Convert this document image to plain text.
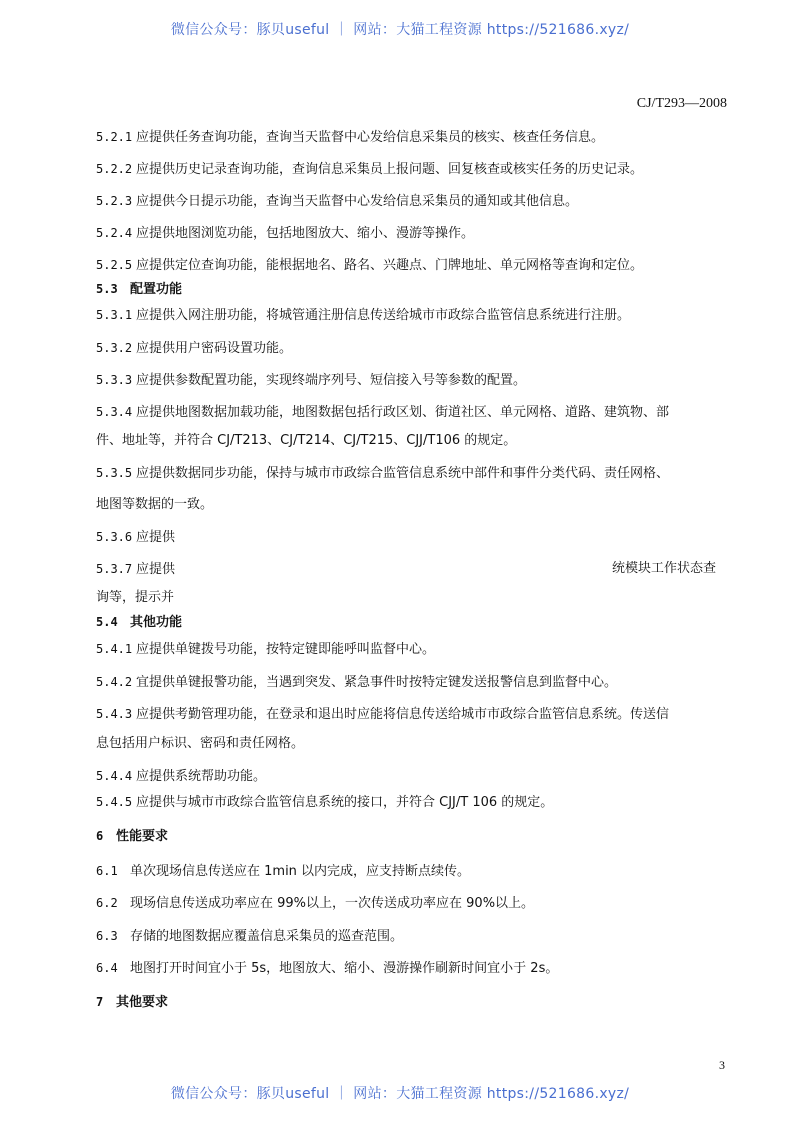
微信公众号：豚贝useful ｜ 网站：大猫工程资源 https://521686.xyz/
CJ/T293—2008
5.2.1 应提供任务查询功能，查询当天监督中心发给信息采集员的核实、核查任务信息。
5.2.2 应提供历史记录查询功能，查询信息采集员上报问题、回复核查或核实任务的历史记录。
5.2.3 应提供今日提示功能，查询当天监督中心发给信息采集员的通知或其他信息。
5.2.4 应提供地图浏览功能，包括地图放大、缩小、漫游等操作。
5.2.5 应提供定位查询功能，能根据地名、路名、兴趣点、门牌地址、单元网格等查询和定位。
5.3 配置功能
5.3.1 应提供入网注册功能，将城管通注册信息传送给城市市政综合监管信息系统进行注册。
5.3.2 应提供用户密码设置功能。
5.3.3 应提供参数配置功能，实现终端序列号、短信接入号等参数的配置。
5.3.4 应提供地图数据加载功能，地图数据包括行政区划、街道社区、单元网格、道路、建筑物、部
件、地址等，并符合 CJ/T213、CJ/T214、CJ/T215、CJJ/T106 的规定。
5.3.5 应提供数据同步功能，保持与城市市政综合监管信息系统中部件和事件分类代码、责任网格、
地图等数据的一致。
5.3.6 应提供
5.3.7 应提供	统模块工作状态查
询等，提示并
5.4 其他功能
5.4.1 应提供单键拨号功能，按特定键即能呼叫监督中心。
5.4.2 宜提供单键报警功能，当遇到突发、紧急事件时按特定键发送报警信息到监督中心。
5.4.3 应提供考勤管理功能，在登录和退出时应能将信息传送给城市市政综合监管信息系统。传送信
息包括用户标识、密码和责任网格。
5.4.4 应提供系统帮助功能。
5.4.5 应提供与城市市政综合监管信息系统的接口，并符合 CJJ/T 106 的规定。
6 性能要求
6.1 单次现场信息传送应在 1min 以内完成，应支持断点续传。
6.2 现场信息传送成功率应在 99%以上，一次传送成功率应在 90%以上。
6.3 存储的地图数据应覆盖信息采集员的巡查范围。
6.4 地图打开时间宜小于 5s，地图放大、缩小、漫游操作刷新时间宜小于 2s。
7 其他要求
3
微信公众号：豚贝useful ｜ 网站：大猫工程资源 https://521686.xyz/
